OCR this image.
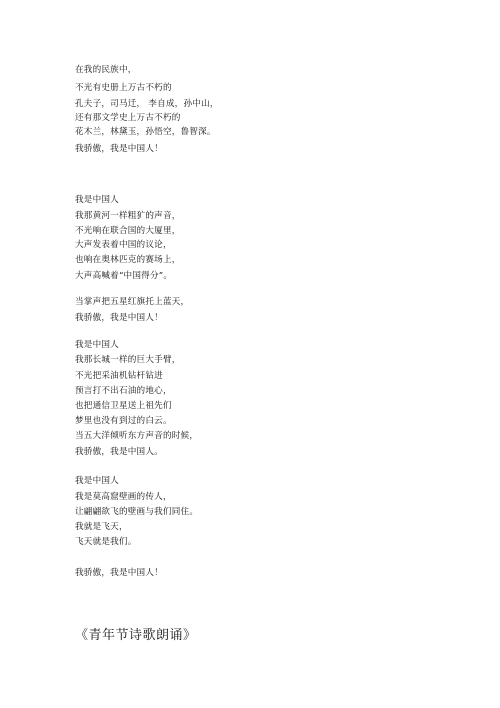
在我的民族中，
不光有史册上万古不朽的
孔夫子，司马迁， 李自成，孙中山，
还有那文学史上万古不朽的
花木兰，林黛玉，孙悟空，鲁智深。
我骄傲，我是中国人！
我是中国人
我那黄河一样粗犷的声音，
不光响在联合国的大厦里，
大声发表着中国的议论，
也响在奥林匹克的赛场上，
大声高喊着“中国得分”。
当掌声把五星红旗托上蓝天，
我骄傲，我是中国人！
我是中国人
我那长城一样的巨大手臂，
不光把采油机钻杆钻进
预言打不出石油的地心，
也把通信卫星送上祖先们
梦里也没有到过的白云。
当五大洋倾听东方声音的时候，
我骄傲，我是中国人。
我是中国人
我是莫高窟壁画的传人，
让翩翩欲飞的壁画与我们同住。
我就是飞天，
飞天就是我们。
我骄傲，我是中国人！
《青年节诗歌朗诵》
